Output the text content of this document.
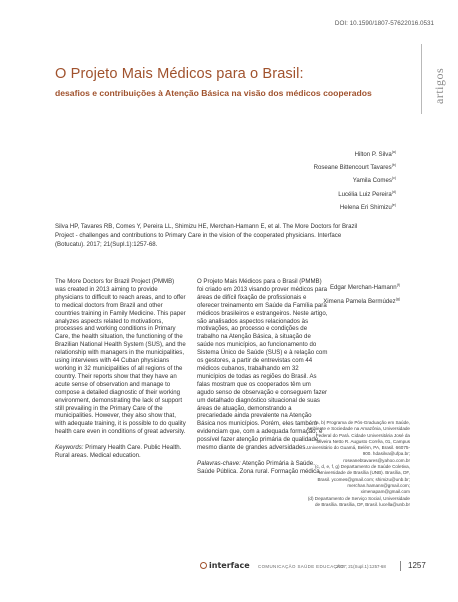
DOI: 10.1590/1807-57622016.0531
artigos
O Projeto Mais Médicos para o Brasil:
desafios e contribuições à Atenção Básica na visão dos médicos cooperados
Hilton P. Silva$^{(a)}$
Roseane Bittencourt Tavares$^{(b)}$
Yamila Comes$^{(c)}$
Lucélia Luiz Pereira$^{(d)}$
Helena Eri Shimizu$^{(e)}$
Silva HP, Tavares RB, Comes Y, Pereira LL, Shimizu HE, Merchan-Hamann E, et al. The More Doctors for Brazil Project - challenges and contributions to Primary Care in the vision of the cooperated physicians. Interface (Botucatu). 2017; 21(Supl.1):1257-68.

The More Doctors for Brazil Project (PMMB) was created in 2013 aiming to provide physicians to difficult to reach areas, and to offer to medical doctors from Brazil and other countries training in Family Medicine. This paper analyzes aspects related to motivations, processes and working conditions in Primary Care, the health situation, the functioning of the Brazilian National Health System (SUS), and the relationship with managers in the municipalities, using interviews with 44 Cuban physicians working in 32 municipalities of all regions of the country. Their reports show that they have an acute sense of observation and manage to compose a detailed diagnostic of their working environment, demonstrating the lack of support still prevailing in the Primary Care of the municipalities. However, they also show that, with adequate training, it is possible to do quality health care even in conditions of great adversity.

Keywords: Primary Health Care. Public Health. Rural areas. Medical education.

O Projeto Mais Médicos para o Brasil (PMMB) foi criado em 2013 visando prover médicos para áreas de difícil fixação de profissionais e oferecer treinamento em Saúde da Família para médicos brasileiros e estrangeiros. Neste artigo, são analisados aspectos relacionados às motivações, ao processo e condições de trabalho na Atenção Básica, à situação de saúde nos municípios, ao funcionamento do Sistema Único de Saúde (SUS) e à relação com os gestores, a partir de entrevistas com 44 médicos cubanos, trabalhando em 32 municípios de todas as regiões do Brasil. As falas mostram que os cooperados têm um agudo senso de observação e conseguem fazer um detalhado diagnóstico situacional de suas áreas de atuação, demonstrando a precariedade ainda prevalente na Atenção Básica nos municípios. Porém, eles também evidenciam que, com a adequada formação, é possível fazer atenção primária de qualidade, mesmo diante de grandes adversidades.

Palavras-chave: Atenção Primária à Saúde. Saúde Pública. Zona rural. Formação médica.

Edgar Merchan-Hamann$^{(f)}$
Ximena Pamela Bermúdez$^{(g)}$

(a, b) Programa de Pós-Graduação em Saúde, Ambiente e Sociedade na Amazônia, Universidade Federal do Pará. Cidade Universitária José da Silveira Netto R. Augusto Corrêa, 01, Campus Universitário do Guamá, Belém, PA, Brasil. 66075-900. hdasilva@ufpa.br; roseanebtavares@yahoo.com.br

(c, d, e, f, g) Departamento de Saúde Coletiva, Universidade de Brasília (UNB). Brasília, DF, Brasil. ycomes@gmail.com; shimizu@unb.br; merchan.hamann@gmail.com; ximenapam@gmail.com

(d) Departamento de Serviço Social, Universidade de Brasília. Brasília, DF, Brasil. lucella@unb.br

interface COMUNICAÇÃO SAÚDE EDUCAÇÃO
2017; 21(Supl.1):1257-68	1257
